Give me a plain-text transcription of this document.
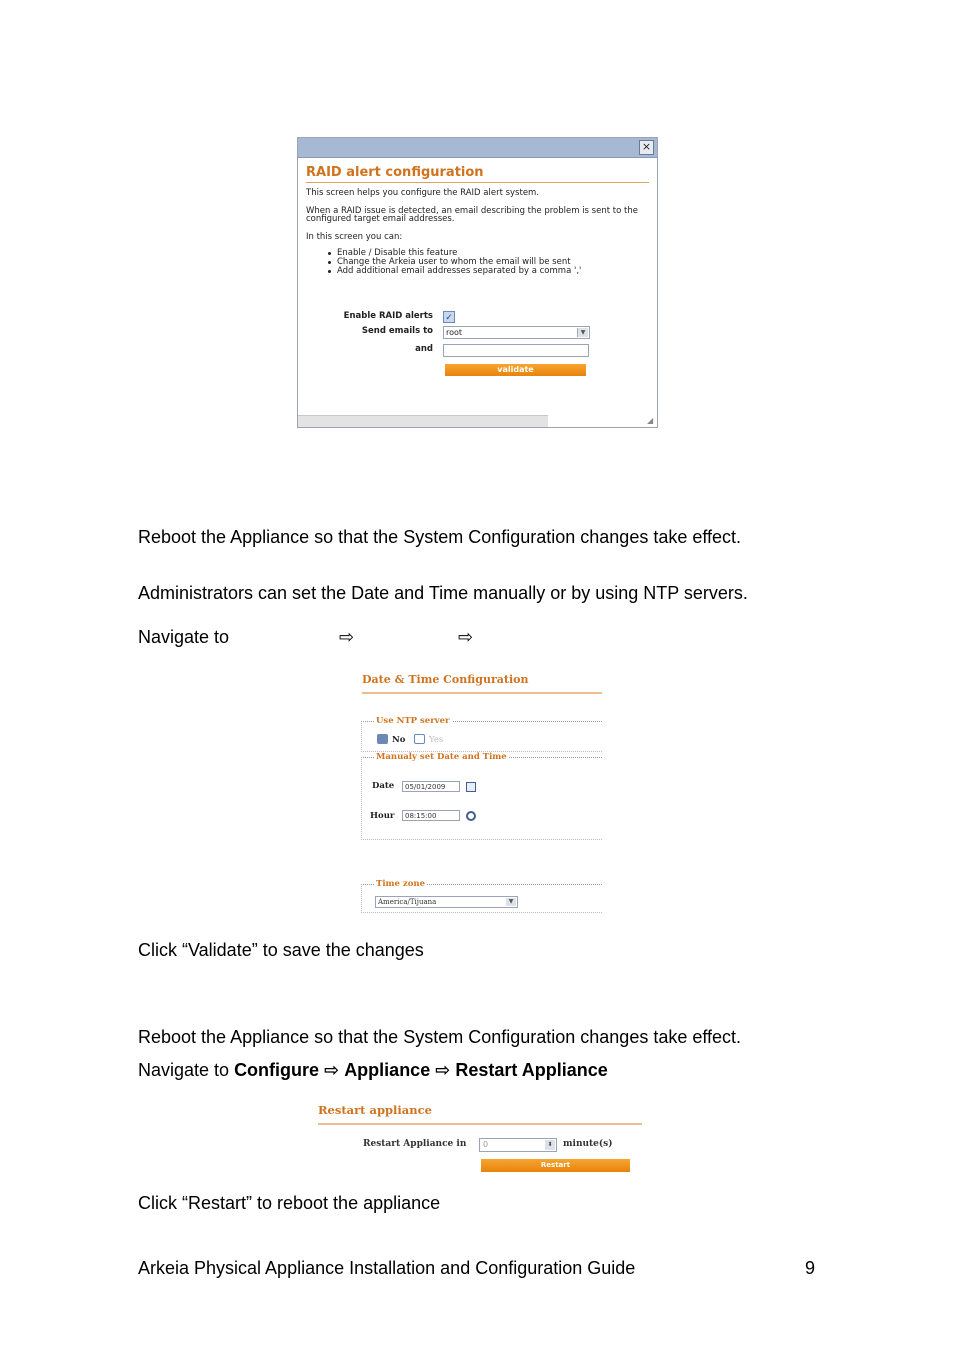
×
RAID alert configuration
This screen helps you configure the RAID alert system.
When a RAID issue is detected, an email describing the problem is sent to the
configured target email addresses.
In this screen you can:
Enable / Disable this feature
Change the Arkeia user to whom the email will be sent
Add additional email addresses separated by a comma ','
Enable RAID alerts ✓
Send emails to	root	▼
and
validate
◢
Reboot the Appliance so that the System Configuration changes take effect.
Administrators can set the Date and Time manually or by using NTP servers.
Navigate to	⇨	⇨
Date & Time Configuration
Use NTP server
No	Yes
Manualy set Date and Time
Date	05/01/2009
Hour	08:15:00
Time zone
America/Tijuana	▼
Click “Validate” to save the changes
Reboot the Appliance so that the System Configuration changes take effect.
Navigate to Configure ⇨ Appliance ⇨ Restart Appliance
Restart appliance
Restart Appliance in	0	⬍ minute(s)
Restart
Click “Restart” to reboot the appliance
Arkeia Physical Appliance Installation and Configuration Guide	9
